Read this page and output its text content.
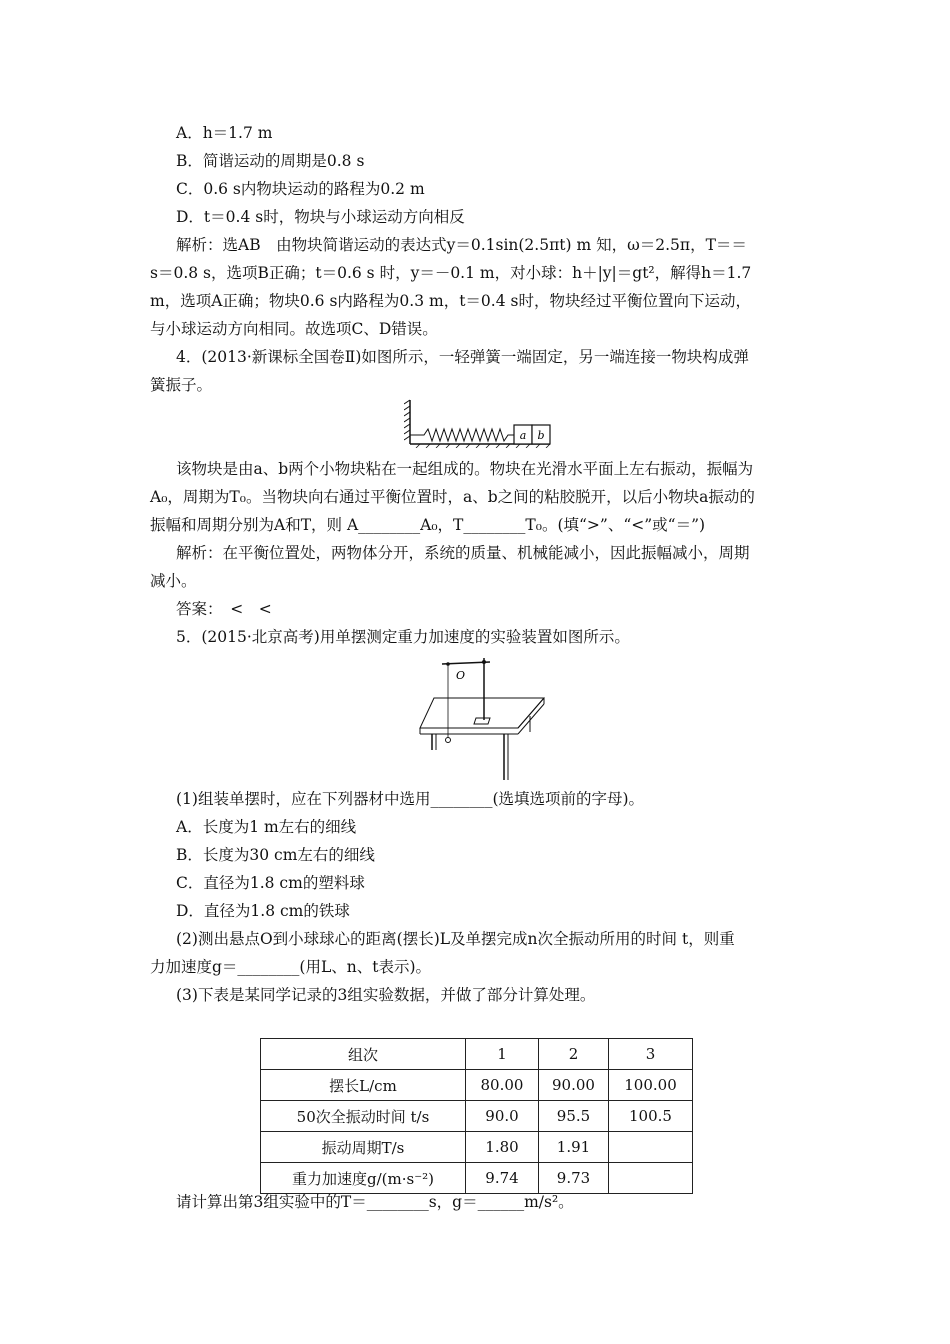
A．h＝1.7 m
B．简谐运动的周期是0.8 s
C．0.6 s内物块运动的路程为0.2 m
D．t＝0.4 s时，物块与小球运动方向相反
解析：选AB　由物块简谐运动的表达式y＝0.1sin(2.5πt) m 知，ω＝2.5π，T＝＝
s＝0.8 s，选项B正确；t＝0.6 s 时，y＝－0.1 m，对小球：h＋|y|＝gt²，解得h＝1.7
m，选项A正确；物块0.6 s内路程为0.3 m，t＝0.4 s时，物块经过平衡位置向下运动，
与小球运动方向相同。故选项C、D错误。
4．(2013·新课标全国卷Ⅱ)如图所示，一轻弹簧一端固定，另一端连接一物块构成弹
簧振子。
a b
该物块是由a、b两个小物块粘在一起组成的。物块在光滑水平面上左右振动，振幅为
A₀，周期为T₀。当物块向右通过平衡位置时，a、b之间的粘胶脱开，以后小物块a振动的
振幅和周期分别为A和T，则 A________A₀，T________T₀。(填“>”、“<”或“＝”)
解析：在平衡位置处，两物体分开，系统的质量、机械能减小，因此振幅减小，周期
减小。
答案：　<　<
5．(2015·北京高考)用单摆测定重力加速度的实验装置如图所示。
O
(1)组装单摆时，应在下列器材中选用________(选填选项前的字母)。
A．长度为1 m左右的细线
B．长度为30 cm左右的细线
C．直径为1.8 cm的塑料球
D．直径为1.8 cm的铁球
(2)测出悬点O到小球球心的距离(摆长)L及单摆完成n次全振动所用的时间 t，则重
力加速度g＝________(用L、n、t表示)。
(3)下表是某同学记录的3组实验数据，并做了部分计算处理。
组次	1	2	3
摆长L/cm	80.00	90.00	100.00
50次全振动时间 t/s	90.0	95.5	100.5
振动周期T/s	1.80	1.91	
重力加速度g/(m·s⁻²)	9.74	9.73	
请计算出第3组实验中的T＝________s，g＝______m/s²。
